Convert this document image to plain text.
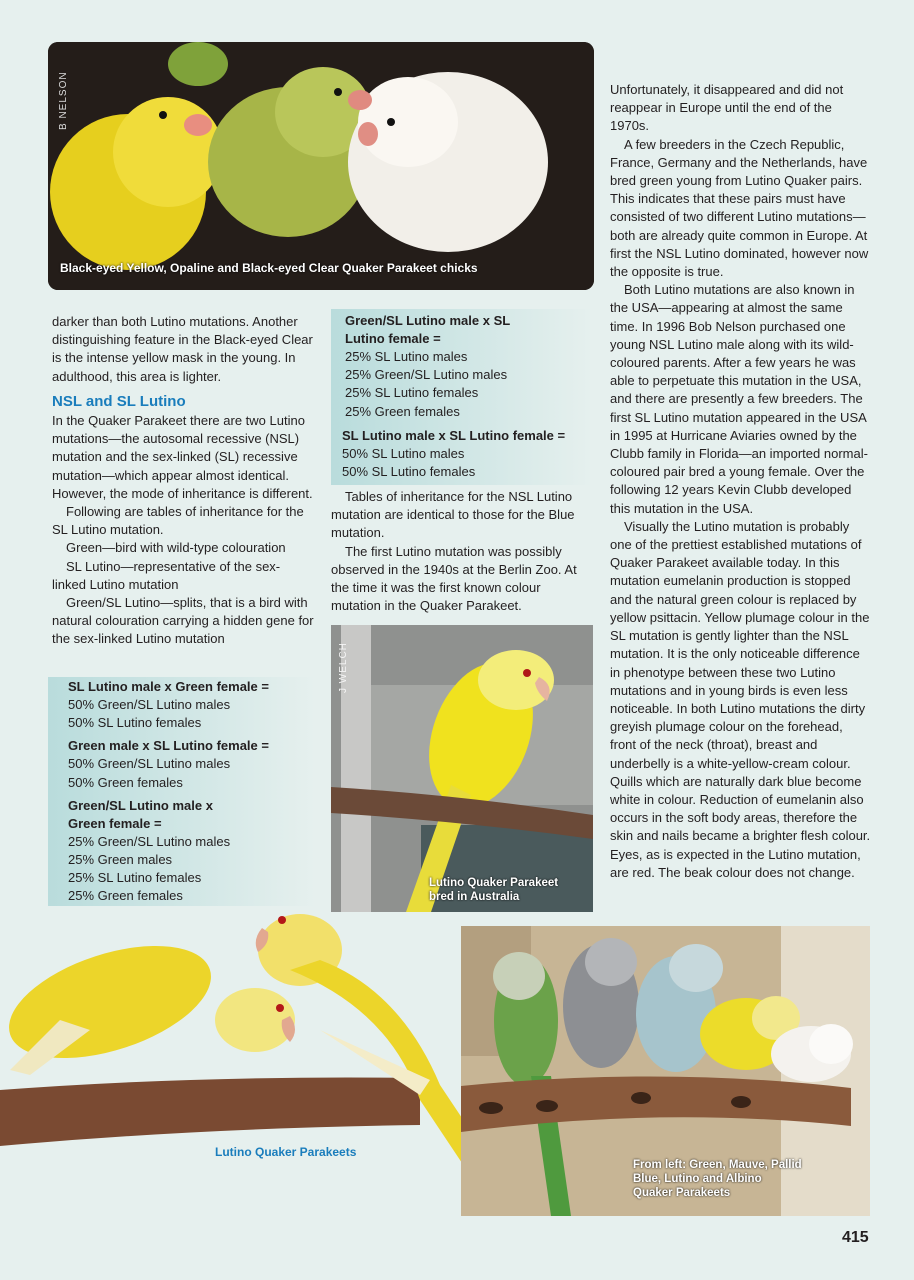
B NELSON
Black-eyed Yellow, Opaline and Black-eyed Clear Quaker Parakeet chicks

darker than both Lutino mutations. Another distinguishing feature in the Black-eyed Clear is the intense yellow mask in the young. In adulthood, this area is lighter.

NSL and SL Lutino

In the Quaker Parakeet there are two Lutino mutations—the autosomal recessive (NSL) mutation and the sex-linked (SL) recessive mutation—which appear almost identical. However, the mode of inheritance is different.

Following are tables of inheritance for the SL Lutino mutation.

Green—bird with wild-type colouration

SL Lutino—representative of the sex-linked Lutino mutation

Green/SL Lutino—splits, that is a bird with natural colouration carrying a hidden gene for the sex-linked Lutino mutation

SL Lutino male x Green female =
50% Green/SL Lutino males
50% SL Lutino females
Green male x SL Lutino female =
50% Green/SL Lutino males
50% Green females
Green/SL Lutino male x Green female =
25% Green/SL Lutino males
25% Green males
25% SL Lutino females
25% Green females
Green/SL Lutino male x SL Lutino female =
25% SL Lutino males
25% Green/SL Lutino males
25% SL Lutino females
25% Green females
SL Lutino male x SL Lutino female =
50% SL Lutino males
50% SL Lutino females

Tables of inheritance for the NSL Lutino mutation are identical to those for the Blue mutation.

The first Lutino mutation was possibly observed in the 1940s at the Berlin Zoo. At the time it was the first known colour mutation in the Quaker Parakeet.

J WELCH
Lutino Quaker Parakeet bred in Australia

Unfortunately, it disappeared and did not reappear in Europe until the end of the 1970s.

A few breeders in the Czech Republic, France, Germany and the Netherlands, have bred green young from Lutino Quaker pairs. This indicates that these pairs must have consisted of two different Lutino mutations—both are already quite common in Europe. At first the NSL Lutino dominated, however now the opposite is true.

Both Lutino mutations are also known in the USA—appearing at almost the same time. In 1996 Bob Nelson purchased one young NSL Lutino male along with its wild-coloured parents. After a few years he was able to perpetuate this mutation in the USA, and there are presently a few breeders. The first SL Lutino mutation appeared in the USA in 1995 at Hurricane Aviaries owned by the Clubb family in Florida—an imported normal-coloured pair bred a young female. Over the following 12 years Kevin Clubb developed this mutation in the USA.

Visually the Lutino mutation is probably one of the prettiest established mutations of Quaker Parakeet available today. In this mutation eumelanin production is stopped and the natural green colour is replaced by yellow psittacin. Yellow plumage colour in the SL mutation is gently lighter than the NSL mutation. It is the only noticeable difference in phenotype between these two Lutino mutations and in young birds is even less noticeable. In both Lutino mutations the dirty greyish plumage colour on the forehead, front of the neck (throat), breast and underbelly is a white-yellow-cream colour. Quills which are naturally dark blue become white in colour. Reduction of eumelanin also occurs in the soft body areas, therefore the skin and nails became a brighter flesh colour. Eyes, as is expected in the Lutino mutation, are red. The beak colour does not change.

Lutino Quaker Parakeets
From left: Green, Mauve, Pallid Blue, Lutino and Albino Quaker Parakeets
415
